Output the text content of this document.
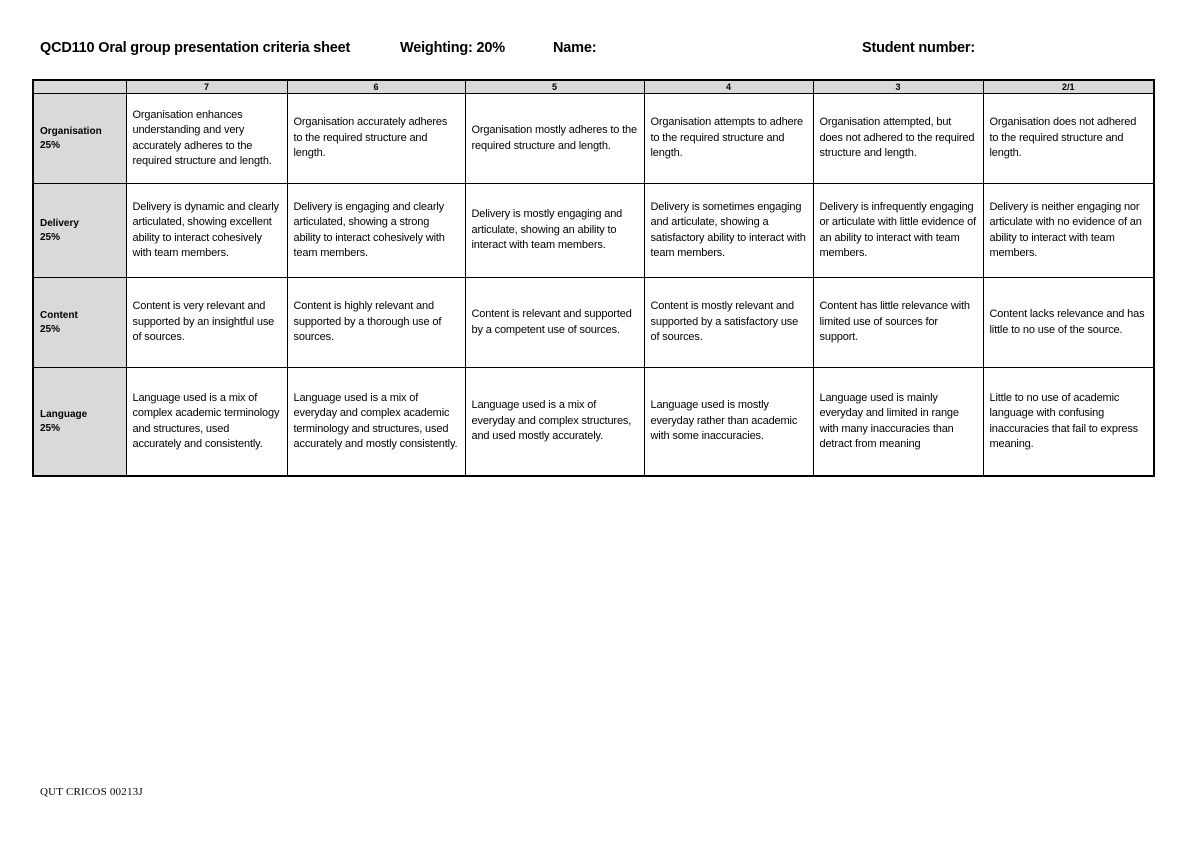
QCD110 Oral group presentation criteria sheet	Weighting: 20%	Name:	Student number:
	7	6	5	4	3	2/1
Organisation
25%	Organisation enhances understanding and very accurately adheres to the required structure and length.	Organisation accurately adheres to the required structure and length.	Organisation mostly adheres to the required structure and length.	Organisation attempts to adhere to the required structure and length.	Organisation attempted, but does not adhered to the required structure and length.	Organisation does not adhered to the required structure and length.
Delivery
25%	Delivery is dynamic and clearly articulated, showing excellent ability to interact cohesively with team members.	Delivery is engaging and clearly articulated, showing a strong ability to interact cohesively with team members.	Delivery is mostly engaging and articulate, showing an ability to interact with team members.	Delivery is sometimes engaging and articulate, showing a satisfactory ability to interact with team members.	Delivery is infrequently engaging or articulate with little evidence of an ability to interact with team members.	Delivery is neither engaging nor articulate with no evidence of an ability to interact with team members.
Content
25%	Content is very relevant and supported by an insightful use of sources.	Content is highly relevant and supported by a thorough use of sources.	Content is relevant and supported by a competent use of sources.	Content is mostly relevant and supported by a satisfactory use of sources.	Content has little relevance with limited use of sources for support.	Content lacks relevance and has little to no use of the source.
Language
25%	Language used is a mix of complex academic terminology and structures, used accurately and consistently.	Language used is a mix of everyday and complex academic terminology and structures, used accurately and mostly consistently.	Language used is a mix of everyday and complex structures, and used mostly accurately.	Language used is mostly everyday rather than academic with some inaccuracies.	Language used is mainly everyday and limited in range with many inaccuracies than detract from meaning	Little to no use of academic language with confusing inaccuracies that fail to express meaning.
QUT CRICOS 00213J
